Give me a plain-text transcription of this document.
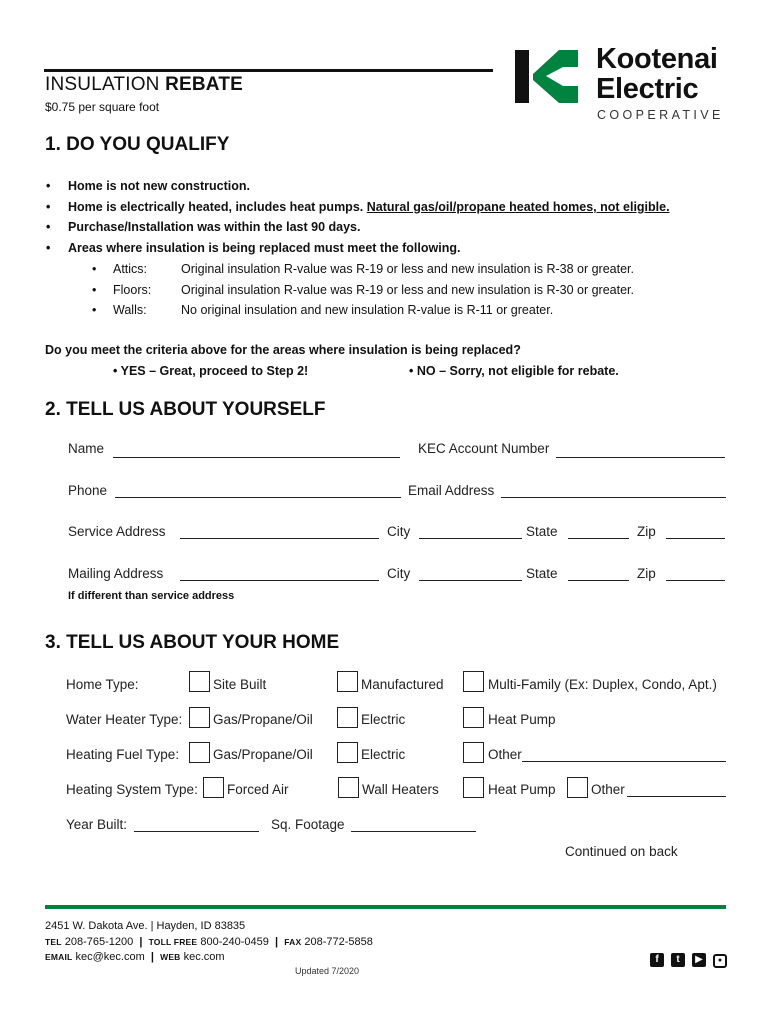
INSULATION REBATE
$0.75 per square foot
Kootenai
Electric
COOPERATIVE
1. DO YOU QUALIFY
• Home is not new construction.
• Home is electrically heated, includes heat pumps. Natural gas/oil/propane heated homes, not eligible.
• Purchase/Installation was within the last 90 days.
• Areas where insulation is being replaced must meet the following.
• Attics:	Original insulation R-value was R-19 or less and new insulation is R-38 or greater.
• Floors: Original insulation R-value was R-19 or less and new insulation is R-30 or greater.
• Walls:	No original insulation and new insulation R-value is R-11 or greater.
Do you meet the criteria above for the areas where insulation is being replaced?
• YES – Great, proceed to Step 2!	• NO – Sorry, not eligible for rebate.
2. TELL US ABOUT YOURSELF
Name	KEC Account Number
Phone	Email Address
Service Address	City	State	Zip
Mailing Address	City	State	Zip
If different than service address
3. TELL US ABOUT YOUR HOME
Home Type:	Site Built	Manufactured	Multi-Family (Ex: Duplex, Condo, Apt.)
Water Heater Type: Gas/Propane/Oil	Electric	Heat Pump
Heating Fuel Type:	Gas/Propane/Oil	Electric	Other
Heating System Type: Forced Air	Wall Heaters	Heat Pump	Other
Year Built:	Sq. Footage
Continued on back
2451 W. Dakota Ave. | Hayden, ID 83835
TEL 208-765-1200 | TOLL FREE 800-240-0459 | FAX 208-772-5858
EMAIL kec@kec.com | WEB kec.com
Updated 7/2020
f	t	▶	●
